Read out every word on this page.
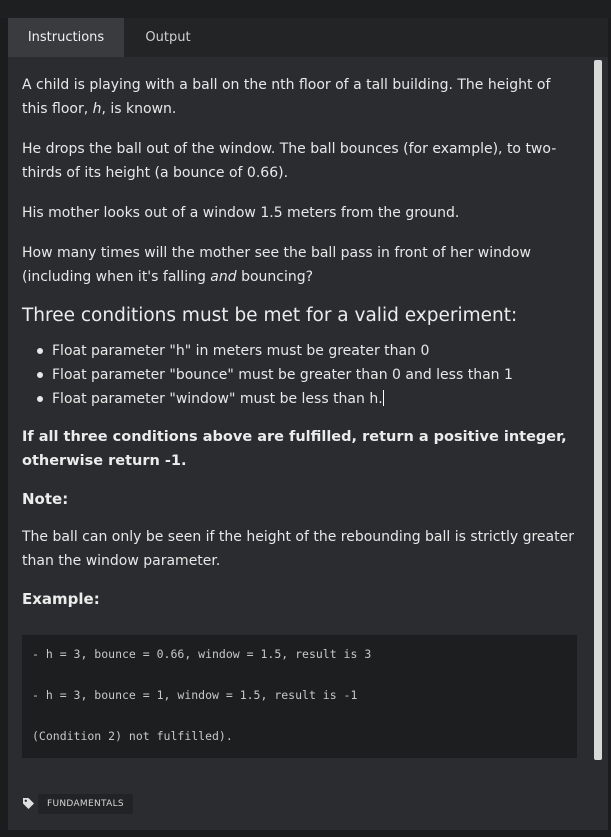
Instructions	Output

A child is playing with a ball on the nth floor of a tall building. The height of this floor, h, is known.

He drops the ball out of the window. The ball bounces (for example), to two-thirds of its height (a bounce of 0.66).

His mother looks out of a window 1.5 meters from the ground.

How many times will the mother see the ball pass in front of her window (including when it's falling and bouncing?

Three conditions must be met for a valid experiment:
Float parameter "h" in meters must be greater than 0
Float parameter "bounce" must be greater than 0 and less than 1
Float parameter "window" must be less than h.

If all three conditions above are fulfilled, return a positive integer, otherwise return -1.

Note:

The ball can only be seen if the height of the rebounding ball is strictly greater than the window parameter.

Example:

- h = 3, bounce = 0.66, window = 1.5, result is 3
- h = 3, bounce = 1, window = 1.5, result is -1
(Condition 2) not fulfilled).
FUNDAMENTALS
